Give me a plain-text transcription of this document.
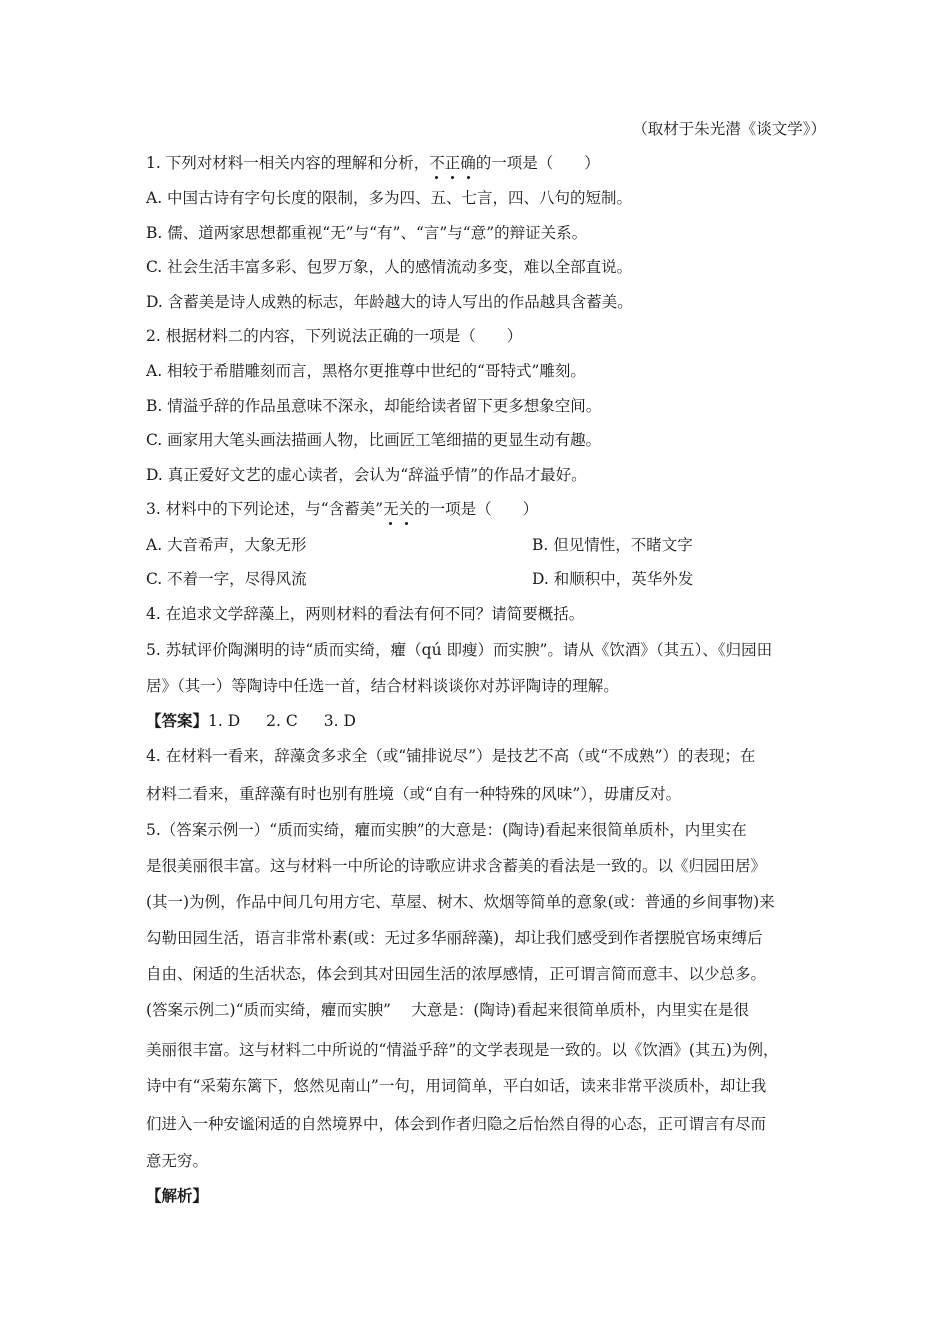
（取材于朱光潜《谈文学》）
1. 下列对材料一相关内容的理解和分析，不正确的一项是（　　）
A. 中国古诗有字句长度的限制，多为四、五、七言，四、八句的短制。
B. 儒、道两家思想都重视“无”与“有”、“言”与“意”的辩证关系。
C. 社会生活丰富多彩、包罗万象，人的感情流动多变，难以全部直说。
D. 含蓄美是诗人成熟的标志，年龄越大的诗人写出的作品越具含蓄美。
2. 根据材料二的内容，下列说法正确的一项是（　　）
A. 相较于希腊雕刻而言，黑格尔更推尊中世纪的“哥特式”雕刻。
B. 情溢乎辞的作品虽意味不深永，却能给读者留下更多想象空间。
C. 画家用大笔头画法描画人物，比画匠工笔细描的更显生动有趣。
D. 真正爱好文艺的虚心读者，会认为“辞溢乎情”的作品才最好。
3. 材料中的下列论述，与“含蓄美”无关的一项是（　　）
A. 大音希声，大象无形	B. 但见情性，不睹文字
C. 不着一字，尽得风流	D. 和顺积中，英华外发
4. 在追求文学辞藻上，两则材料的看法有何不同？请简要概括。
5. 苏轼评价陶渊明的诗“质而实绮，癯（qú 即瘦）而实腴”。请从《饮酒》（其五）、《归园田
居》（其一）等陶诗中任选一首，结合材料谈谈你对苏评陶诗的理解。
【答案】1. D 2. C 3. D
4. 在材料一看来，辞藻贪多求全（或“铺排说尽”）是技艺不高（或“不成熟”）的表现；在
材料二看来，重辞藻有时也别有胜境（或“自有一种特殊的风味”），毋庸反对。
5.（答案示例一）“质而实绮，癯而实腴”的大意是：(陶诗)看起来很简单质朴，内里实在
是很美丽很丰富。这与材料一中所论的诗歌应讲求含蓄美的看法是一致的。以《归园田居》
(其一)为例，作品中间几句用方宅、草屋、树木、炊烟等简单的意象(或：普通的乡间事物)来
勾勒田园生活，语言非常朴素(或：无过多华丽辞藻)，却让我们感受到作者摆脱官场束缚后
自由、闲适的生活状态，体会到其对田园生活的浓厚感情，正可谓言简而意丰、以少总多。
(答案示例二)“质而实绮，癯而实腴”　 大意是：(陶诗)看起来很简单质朴，内里实在是很
美丽很丰富。这与材料二中所说的“情溢乎辞”的文学表现是一致的。以《饮酒》(其五)为例，
诗中有“采菊东篱下，悠然见南山”一句，用词简单，平白如话，读来非常平淡质朴，却让我
们进入一种安谧闲适的自然境界中，体会到作者归隐之后怡然自得的心态，正可谓言有尽而
意无穷。
【解析】
